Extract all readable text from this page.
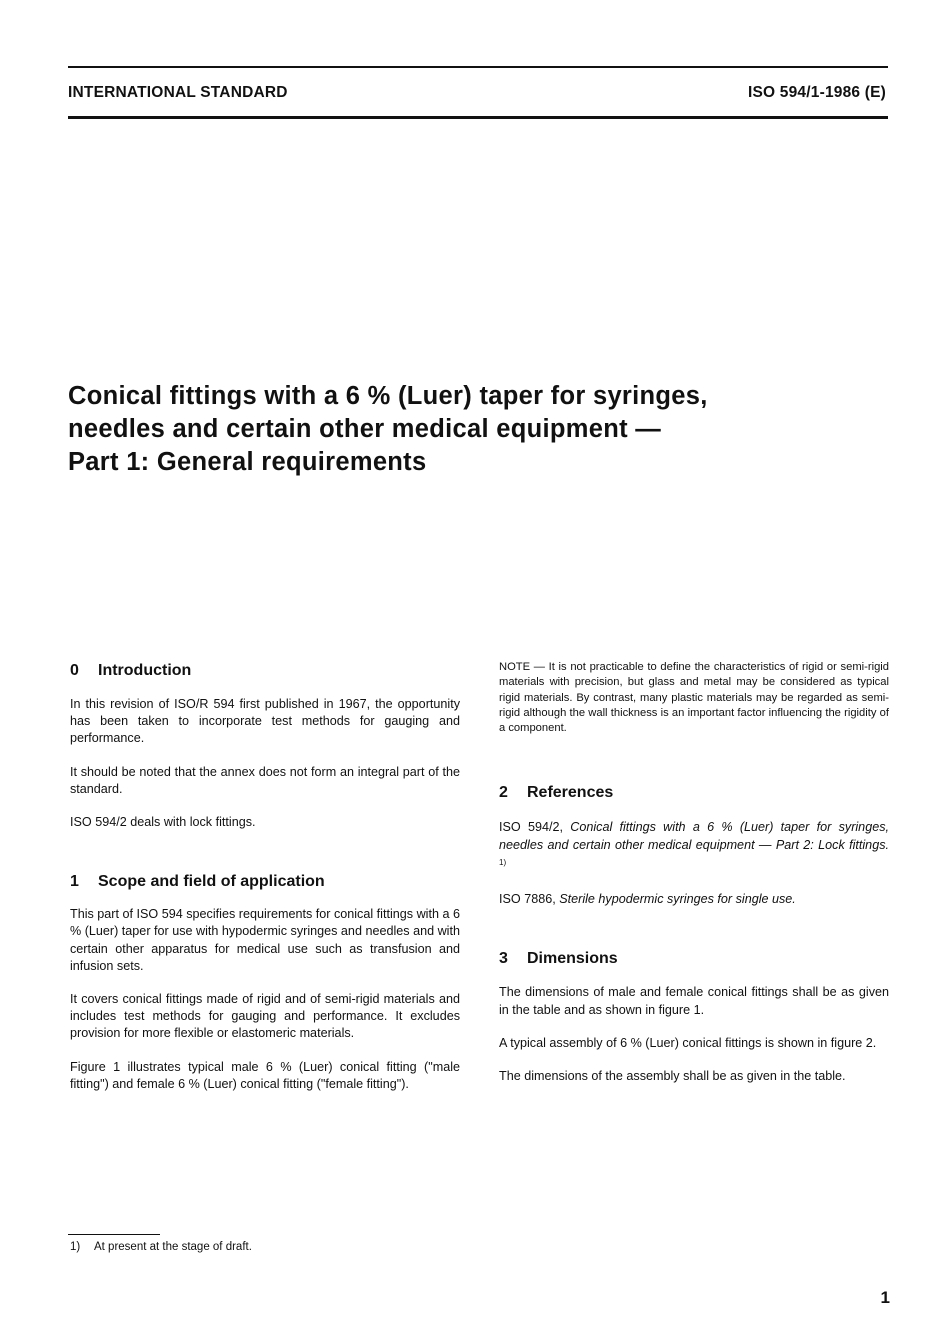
INTERNATIONAL STANDARD	ISO 594/1-1986 (E)
Conical fittings with a 6 % (Luer) taper for syringes,
needles and certain other medical equipment —
Part 1: General requirements
0 Introduction

In this revision of ISO/R 594 first published in 1967, the opportunity has been taken to incorporate test methods for gauging and performance.

It should be noted that the annex does not form an integral part of the standard.

ISO 594/2 deals with lock fittings.

1 Scope and field of application

This part of ISO 594 specifies requirements for conical fittings with a 6 % (Luer) taper for use with hypodermic syringes and needles and with certain other apparatus for medical use such as transfusion and infusion sets.

It covers conical fittings made of rigid and of semi-rigid materials and includes test methods for gauging and performance. It excludes provision for more flexible or elastomeric materials.

Figure 1 illustrates typical male 6 % (Luer) conical fitting ("male fitting") and female 6 % (Luer) conical fitting ("female fitting").

NOTE — It is not practicable to define the characteristics of rigid or semi-rigid materials with precision, but glass and metal may be considered as typical rigid materials. By contrast, many plastic materials may be regarded as semi-rigid although the wall thickness is an important factor influencing the rigidity of a component.

2 References

ISO 594/2, Conical fittings with a 6 % (Luer) taper for syringes, needles and certain other medical equipment — Part 2: Lock fittings. $^{1)}$

ISO 7886, Sterile hypodermic syringes for single use.

3 Dimensions

The dimensions of male and female conical fittings shall be as given in the table and as shown in figure 1.

A typical assembly of 6 % (Luer) conical fittings is shown in figure 2.

The dimensions of the assembly shall be as given in the table.

1) At present at the stage of draft.
1
